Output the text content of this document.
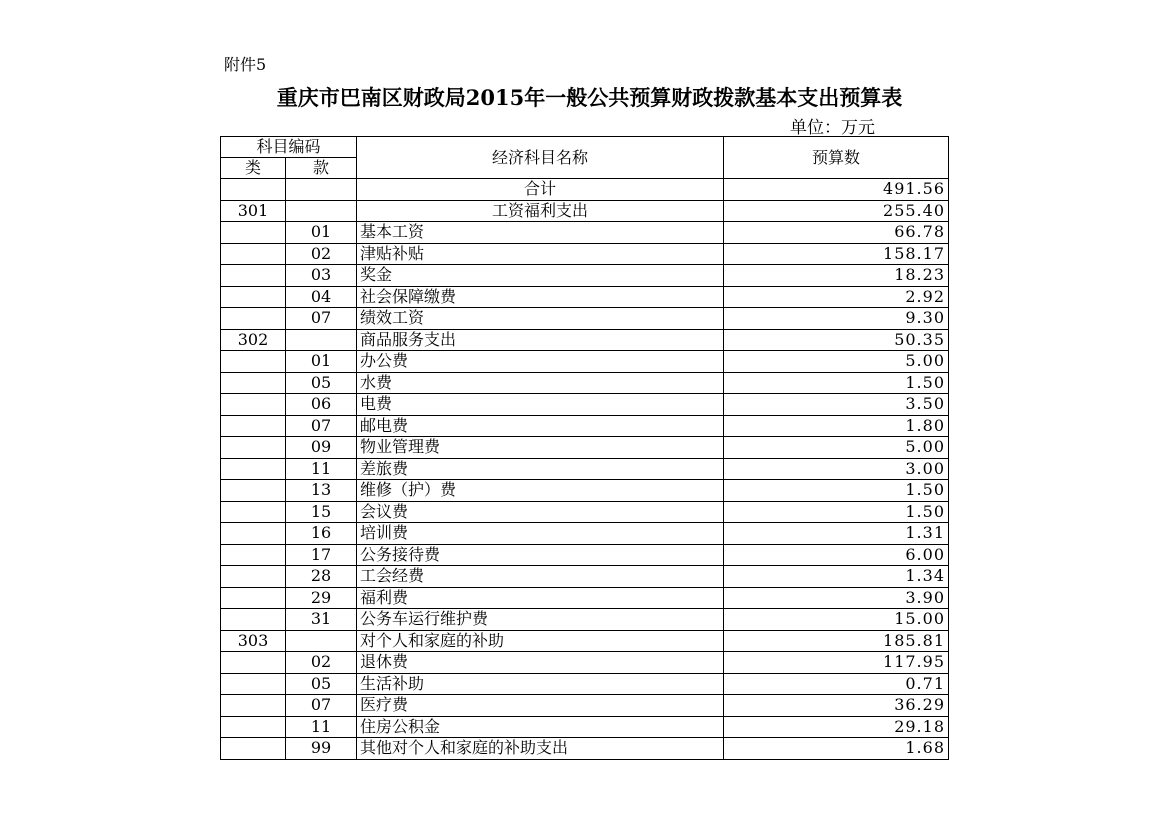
附件5
重庆市巴南区财政局2015年一般公共预算财政拨款基本支出预算表
单位：万元
科目编码		经济科目名称	预算数
类	款		
		合计	491.56
301		工资福利支出	255.40
	01	基本工资	66.78
	02	津贴补贴	158.17
	03	奖金	18.23
	04	社会保障缴费	2.92
	07	绩效工资	9.30
302		商品服务支出	50.35
	01	办公费	5.00
	05	水费	1.50
	06	电费	3.50
	07	邮电费	1.80
	09	物业管理费	5.00
	11	差旅费	3.00
	13	维修（护）费	1.50
	15	会议费	1.50
	16	培训费	1.31
	17	公务接待费	6.00
	28	工会经费	1.34
	29	福利费	3.90
	31	公务车运行维护费	15.00
303		对个人和家庭的补助	185.81
	02	退休费	117.95
	05	生活补助	0.71
	07	医疗费	36.29
	11	住房公积金	29.18
	99	其他对个人和家庭的补助支出	1.68
